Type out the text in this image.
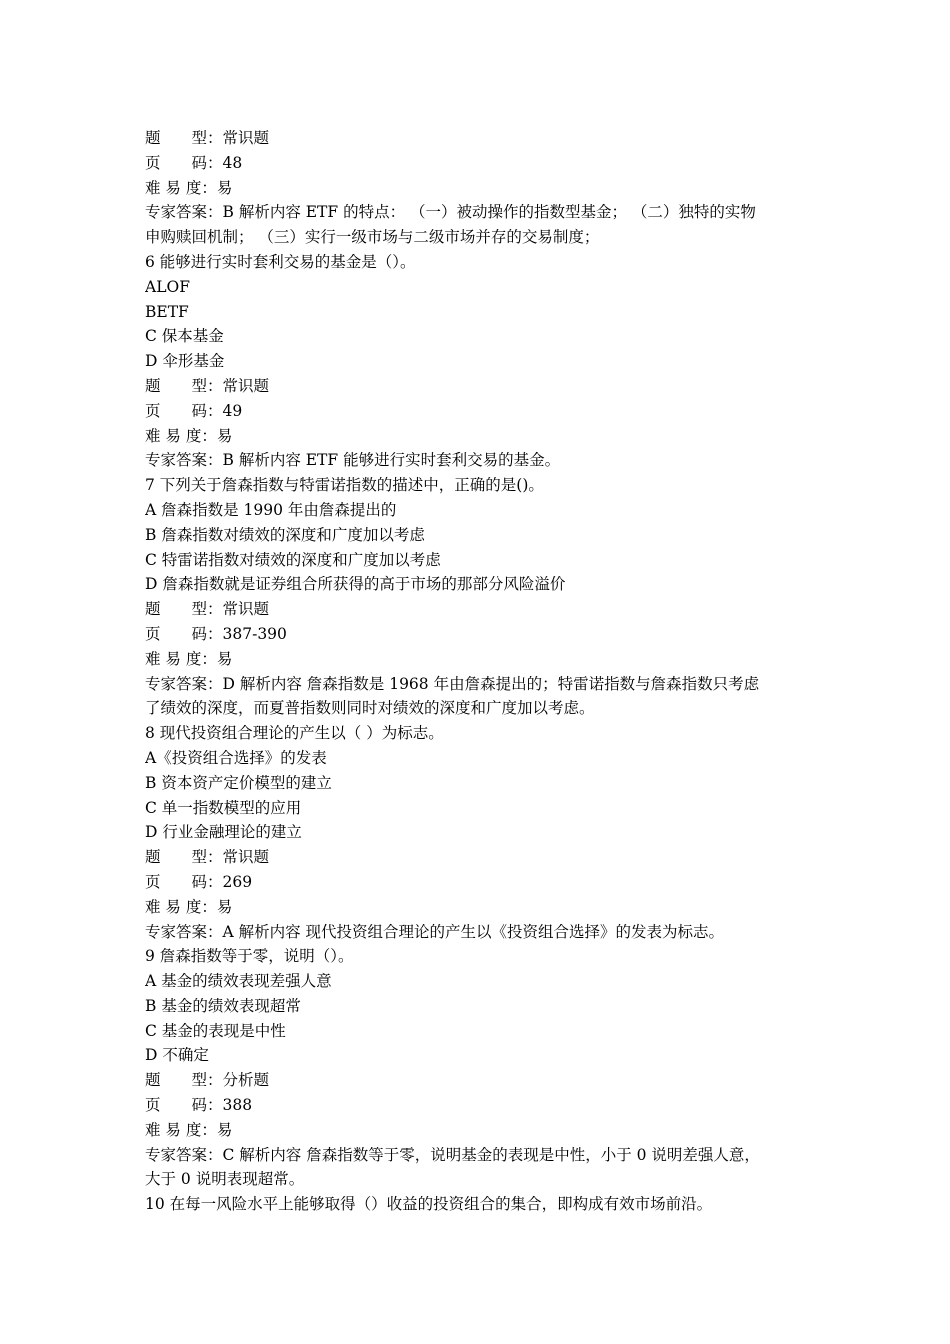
题　　型：常识题
页　　码：48
难 易 度：易
专家答案：B 解析内容 ETF 的特点： （一）被动操作的指数型基金； （二）独特的实物
申购赎回机制； （三）实行一级市场与二级市场并存的交易制度；
6 能够进行实时套利交易的基金是（）。
ALOF
BETF
C 保本基金
D 伞形基金
题　　型：常识题
页　　码：49
难 易 度：易
专家答案：B 解析内容 ETF 能够进行实时套利交易的基金。
7 下列关于詹森指数与特雷诺指数的描述中，正确的是()。
A 詹森指数是 1990 年由詹森提出的
B 詹森指数对绩效的深度和广度加以考虑
C 特雷诺指数对绩效的深度和广度加以考虑
D 詹森指数就是证券组合所获得的高于市场的那部分风险溢价
题　　型：常识题
页　　码：387-390
难 易 度：易
专家答案：D 解析内容 詹森指数是 1968 年由詹森提出的；特雷诺指数与詹森指数只考虑
了绩效的深度，而夏普指数则同时对绩效的深度和广度加以考虑。
8 现代投资组合理论的产生以（ ）为标志。
A《投资组合选择》的发表
B 资本资产定价模型的建立
C 单一指数模型的应用
D 行业金融理论的建立
题　　型：常识题
页　　码：269
难 易 度：易
专家答案：A 解析内容 现代投资组合理论的产生以《投资组合选择》的发表为标志。
9 詹森指数等于零，说明（）。
A 基金的绩效表现差强人意
B 基金的绩效表现超常
C 基金的表现是中性
D 不确定
题　　型：分析题
页　　码：388
难 易 度：易
专家答案：C 解析内容 詹森指数等于零，说明基金的表现是中性，小于 0 说明差强人意，
大于 0 说明表现超常。
10 在每一风险水平上能够取得（）收益的投资组合的集合，即构成有效市场前沿。
